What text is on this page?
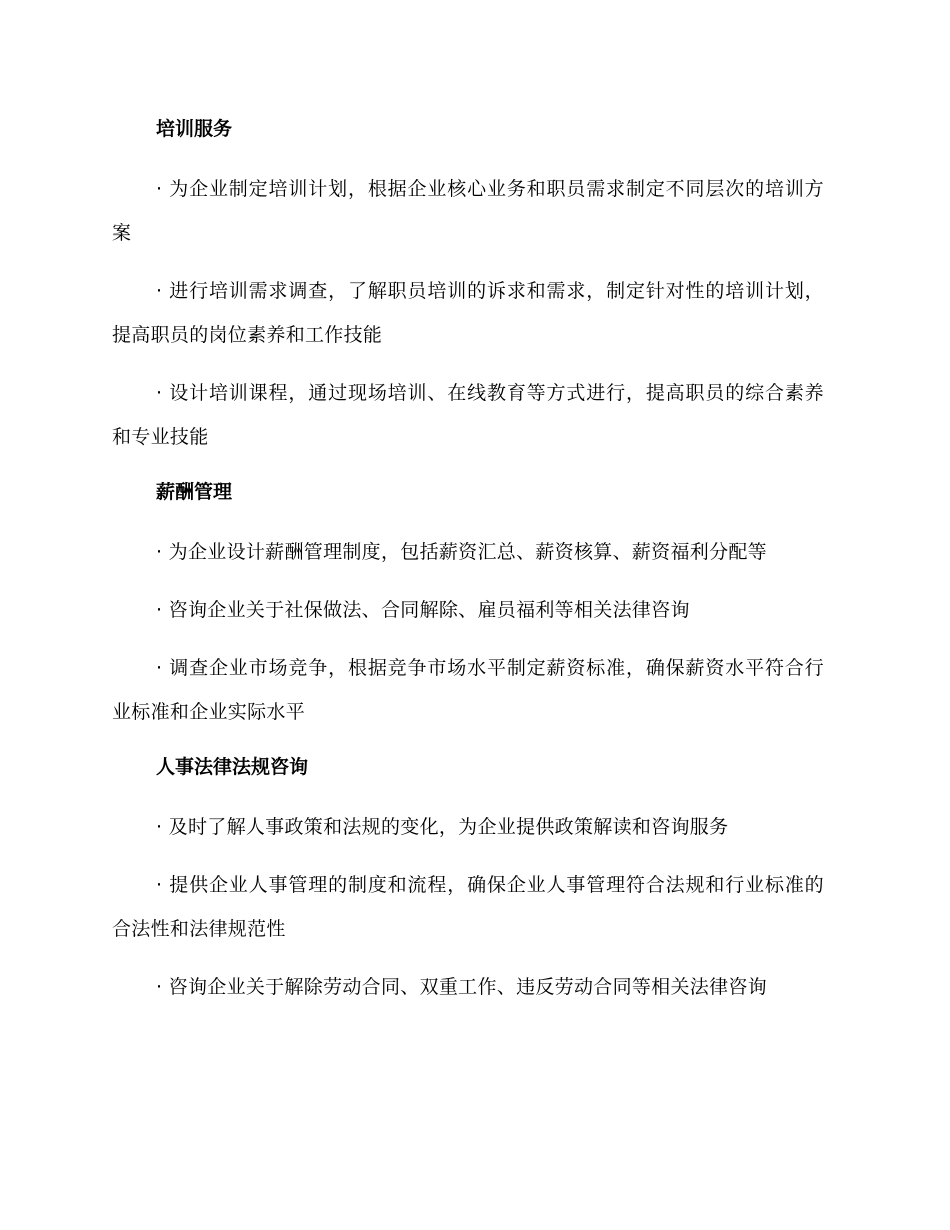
培训服务

· 为企业制定培训计划，根据企业核心业务和职员需求制定不同层次的培训方案

· 进行培训需求调查，了解职员培训的诉求和需求，制定针对性的培训计划，提高职员的岗位素养和工作技能

· 设计培训课程，通过现场培训、在线教育等方式进行，提高职员的综合素养和专业技能

薪酬管理

· 为企业设计薪酬管理制度，包括薪资汇总、薪资核算、薪资福利分配等

· 咨询企业关于社保做法、合同解除、雇员福利等相关法律咨询

· 调查企业市场竞争，根据竞争市场水平制定薪资标准，确保薪资水平符合行业标准和企业实际水平

人事法律法规咨询

· 及时了解人事政策和法规的变化，为企业提供政策解读和咨询服务

· 提供企业人事管理的制度和流程，确保企业人事管理符合法规和行业标准的合法性和法律规范性

· 咨询企业关于解除劳动合同、双重工作、违反劳动合同等相关法律咨询
